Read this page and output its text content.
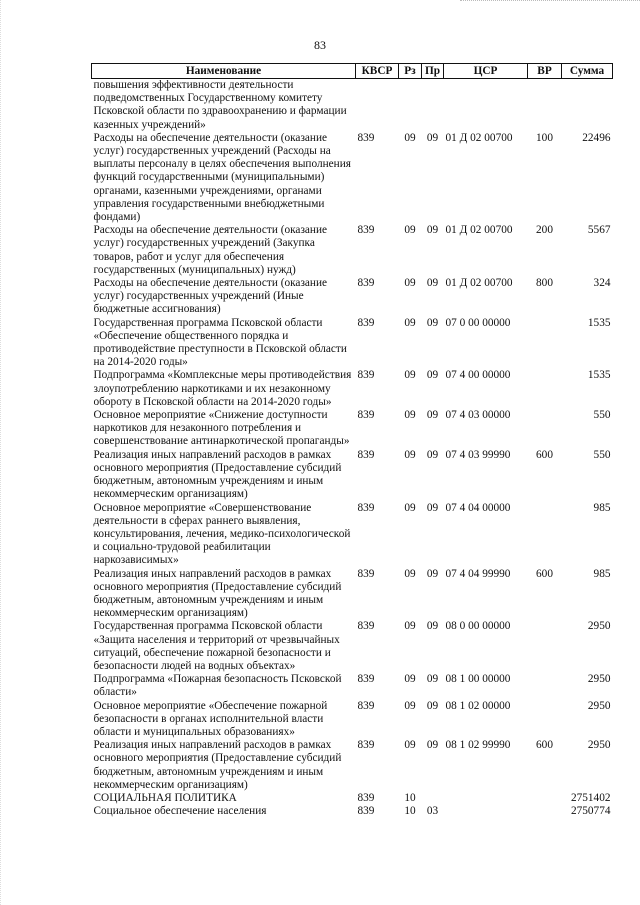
83
Наименование	КВСР	Рз	Пр	ЦСР	ВР	Сумма
повышения эффективности деятельности подведомственных Государственному комитету Псковской области по здравоохранению и фармации казенных учреждений»						
Расходы на обеспечение деятельности (оказание услуг) государственных учреждений (Расходы на выплаты персоналу в целях обеспечения выполнения функций государственными (муниципальными) органами, казенными учреждениями, органами управления государственными внебюджетными фондами)	839	09	09	01 Д 02 00700	100	22496
Расходы на обеспечение деятельности (оказание услуг) государственных учреждений (Закупка товаров, работ и услуг для обеспечения государственных (муниципальных) нужд)	839	09	09	01 Д 02 00700	200	5567
Расходы на обеспечение деятельности (оказание услуг) государственных учреждений (Иные бюджетные ассигнования)	839	09	09	01 Д 02 00700	800	324
Государственная программа Псковской области «Обеспечение общественного порядка и противодействие преступности в Псковской области на 2014-2020 годы»	839	09	09	07 0 00 00000		1535
Подпрограмма «Комплексные меры противодействия злоупотреблению наркотиками и их незаконному обороту в Псковской области на 2014-2020 годы»	839	09	09	07 4 00 00000		1535
Основное мероприятие «Снижение доступности наркотиков для незаконного потребления и совершенствование антинаркотической пропаганды»	839	09	09	07 4 03 00000		550
Реализация иных направлений расходов в рамках основного мероприятия (Предоставление субсидий бюджетным, автономным учреждениям и иным некоммерческим организациям)	839	09	09	07 4 03 99990	600	550
Основное мероприятие «Совершенствование деятельности в сферах раннего выявления, консультирования, лечения, медико-психологической и социально-трудовой реабилитации наркозависимых»	839	09	09	07 4 04 00000		985
Реализация иных направлений расходов в рамках основного мероприятия (Предоставление субсидий бюджетным, автономным учреждениям и иным некоммерческим организациям)	839	09	09	07 4 04 99990	600	985
Государственная программа Псковской области «Защита населения и территорий от чрезвычайных ситуаций, обеспечение пожарной безопасности и безопасности людей на водных объектах»	839	09	09	08 0 00 00000		2950
Подпрограмма «Пожарная безопасность Псковской области»	839	09	09	08 1 00 00000		2950
Основное мероприятие «Обеспечение пожарной безопасности в органах исполнительной власти области и муниципальных образованиях»	839	09	09	08 1 02 00000		2950
Реализация иных направлений расходов в рамках основного мероприятия (Предоставление субсидий бюджетным, автономным учреждениям и иным некоммерческим организациям)	839	09	09	08 1 02 99990	600	2950
СОЦИАЛЬНАЯ ПОЛИТИКА	839	10				2751402
Социальное обеспечение населения	839	10	03			2750774
